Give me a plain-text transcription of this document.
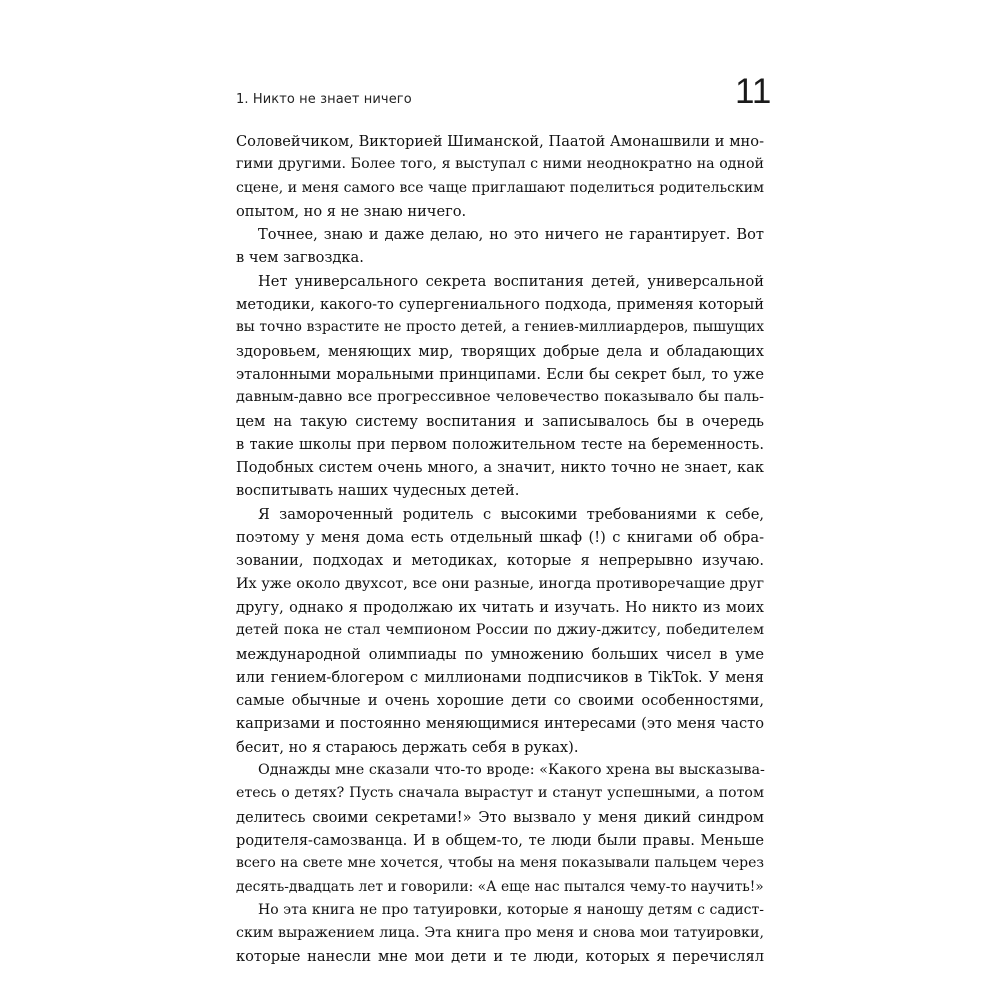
1. Никто не знает ничего	11
Соловейчиком, Викторией Шиманской, Паатой Амонашвили и мно-
гими другими. Более того, я выступал с ними неоднократно на одной
сцене, и меня самого все чаще приглашают поделиться родительским
опытом, но я не знаю ничего.
Точнее, знаю и даже делаю, но это ничего не гарантирует. Вот
в чем загвоздка.
Нет универсального секрета воспитания детей, универсальной
методики, какого-то супергениального подхода, применяя который
вы точно взрастите не просто детей, а гениев-миллиардеров, пышущих
здоровьем, меняющих мир, творящих добрые дела и обладающих
эталонными моральными принципами. Если бы секрет был, то уже
давным-давно все прогрессивное человечество показывало бы паль-
цем на такую систему воспитания и записывалось бы в очередь
в такие школы при первом положительном тесте на беременность.
Подобных систем очень много, а значит, никто точно не знает, как
воспитывать наших чудесных детей.
Я замороченный родитель с высокими требованиями к себе,
поэтому у меня дома есть отдельный шкаф (!) с книгами об обра-
зовании, подходах и методиках, которые я непрерывно изучаю.
Их уже около двухсот, все они разные, иногда противоречащие друг
другу, однако я продолжаю их читать и изучать. Но никто из моих
детей пока не стал чемпионом России по джиу-джитсу, победителем
международной олимпиады по умножению больших чисел в уме
или гением-блогером с миллионами подписчиков в TikTok. У меня
самые обычные и очень хорошие дети со своими особенностями,
капризами и постоянно меняющимися интересами (это меня часто
бесит, но я стараюсь держать себя в руках).
Однажды мне сказали что-то вроде: «Какого хрена вы высказыва-
етесь о детях? Пусть сначала вырастут и станут успешными, а потом
делитесь своими секретами!» Это вызвало у меня дикий синдром
родителя-самозванца. И в общем-то, те люди были правы. Меньше
всего на свете мне хочется, чтобы на меня показывали пальцем через
десять-двадцать лет и говорили: «А еще нас пытался чему-то научить!»
Но эта книга не про татуировки, которые я наношу детям с садист-
ским выражением лица. Эта книга про меня и снова мои татуировки,
которые нанесли мне мои дети и те люди, которых я перечислял
